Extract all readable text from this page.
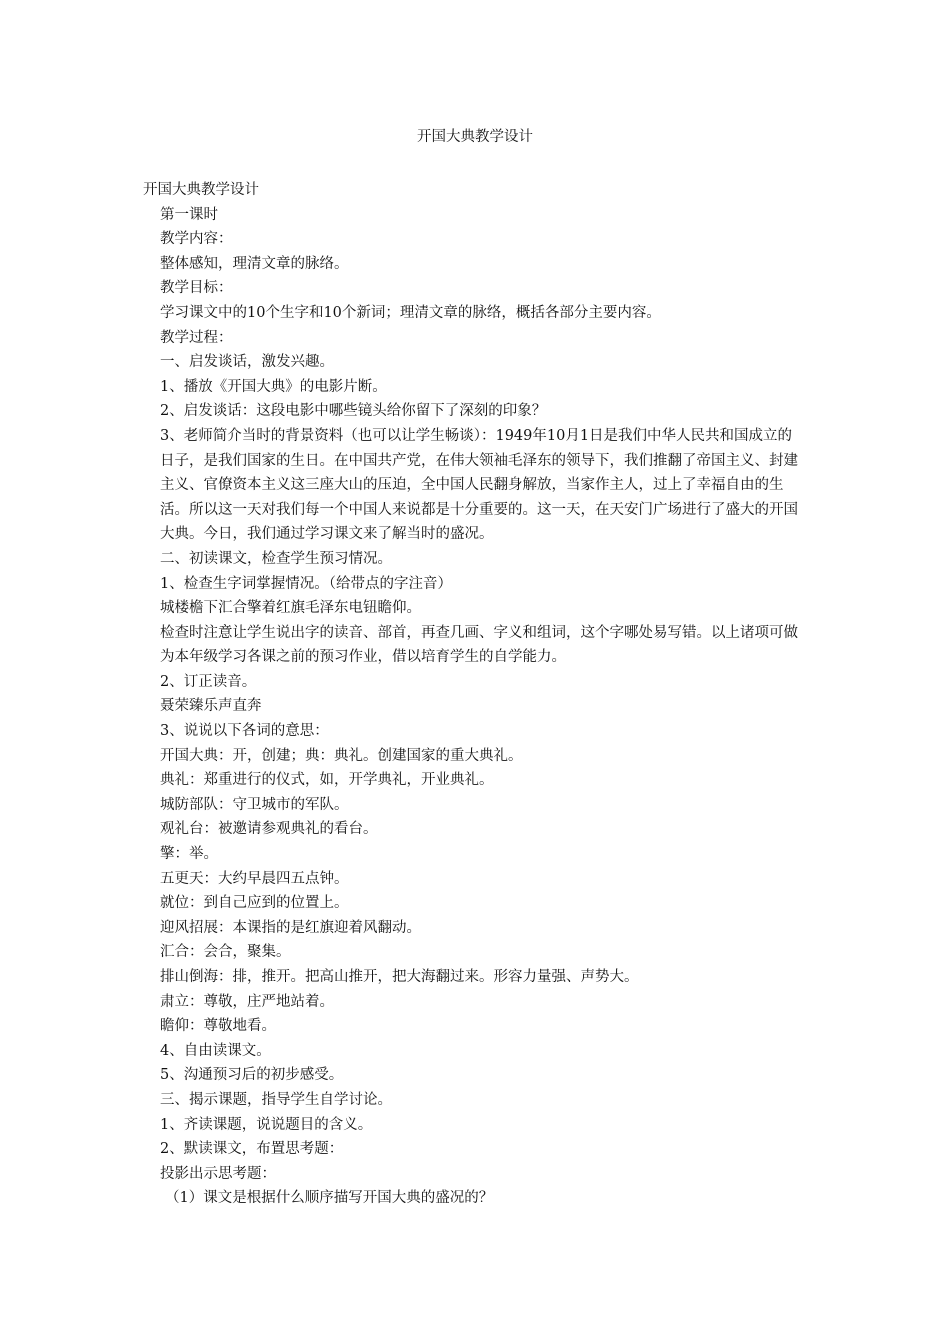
开国大典教学设计

开国大典教学设计

第一课时

教学内容：

整体感知，理清文章的脉络。

教学目标：

学习课文中的10个生字和10个新词；理清文章的脉络，概括各部分主要内容。

教学过程：

一、启发谈话，激发兴趣。

1、播放《开国大典》的电影片断。

2、启发谈话：这段电影中哪些镜头给你留下了深刻的印象？

3、老师简介当时的背景资料（也可以让学生畅谈）：1949年10月1日是我们中华人民共和国成立的日子，是我们国家的生日。在中国共产党，在伟大领袖毛泽东的领导下，我们推翻了帝国主义、封建主义、官僚资本主义这三座大山的压迫，全中国人民翻身解放，当家作主人，过上了幸福自由的生活。所以这一天对我们每一个中国人来说都是十分重要的。这一天，在天安门广场进行了盛大的开国大典。今日，我们通过学习课文来了解当时的盛况。

二、初读课文，检查学生预习情况。

1、检查生字词掌握情况。（给带点的字注音）

城楼檐下汇合擎着红旗毛泽东电钮瞻仰。

检查时注意让学生说出字的读音、部首，再查几画、字义和组词，这个字哪处易写错。以上诸项可做为本年级学习各课之前的预习作业，借以培育学生的自学能力。

2、订正读音。

聂荣臻乐声直奔

3、说说以下各词的意思：

开国大典：开，创建；典：典礼。创建国家的重大典礼。

典礼：郑重进行的仪式，如，开学典礼，开业典礼。

城防部队：守卫城市的军队。

观礼台：被邀请参观典礼的看台。

擎：举。

五更天：大约早晨四五点钟。

就位：到自己应到的位置上。

迎风招展：本课指的是红旗迎着风翻动。

汇合：会合，聚集。

排山倒海：排，推开。把高山推开，把大海翻过来。形容力量强、声势大。

肃立：尊敬，庄严地站着。

瞻仰：尊敬地看。

4、自由读课文。

5、沟通预习后的初步感受。

三、揭示课题，指导学生自学讨论。

1、齐读课题，说说题目的含义。

2、默读课文，布置思考题：

投影出示思考题：

（1）课文是根据什么顺序描写开国大典的盛况的？
